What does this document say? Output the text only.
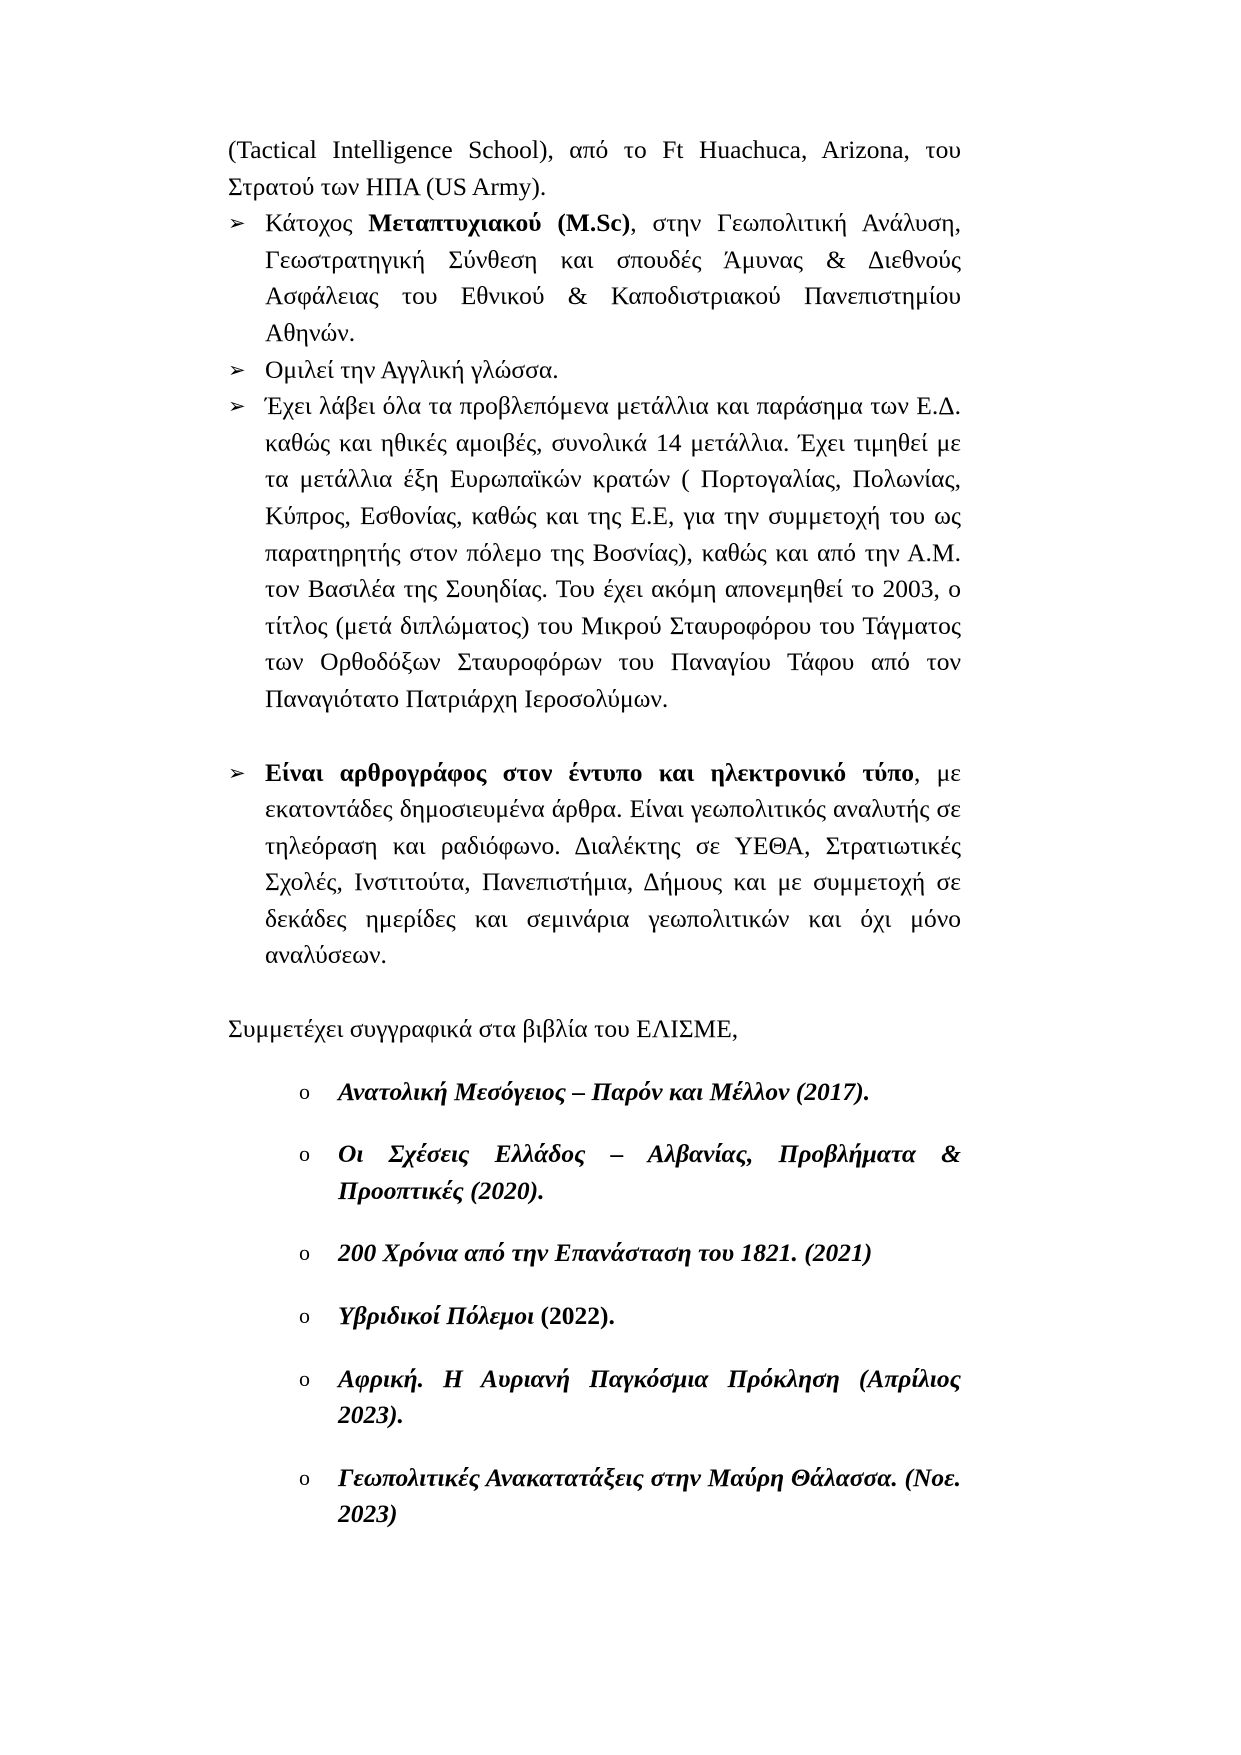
(Tactical Intelligence School), από το Ft Huachuca, Arizona, του Στρατού των ΗΠΑ (US Army).

➢ Κάτοχος Μεταπτυχιακού (M.Sc), στην Γεωπολιτική Ανάλυση, Γεωστρατηγική Σύνθεση και σπουδές Άμυνας & Διεθνούς Ασφάλειας του Εθνικού & Καποδιστριακού Πανεπιστημίου Αθηνών.
➢ Ομιλεί την Αγγλική γλώσσα.
➢ Έχει λάβει όλα τα προβλεπόμενα μετάλλια και παράσημα των Ε.Δ. καθώς και ηθικές αμοιβές, συνολικά 14 μετάλλια. Έχει τιμηθεί με τα μετάλλια έξη Ευρωπαϊκών κρατών ( Πορτογαλίας, Πολωνίας, Κύπρος, Εσθονίας, καθώς και της Ε.Ε, για την συμμετοχή του ως παρατηρητής στον πόλεμο της Βοσνίας), καθώς και από την Α.Μ. τον Βασιλέα της Σουηδίας. Του έχει ακόμη απονεμηθεί το 2003, ο τίτλος (μετά διπλώματος) του Μικρού Σταυροφόρου του Τάγματος των Ορθοδόξων Σταυροφόρων του Παναγίου Τάφου από τον Παναγιότατο Πατριάρχη Ιεροσολύμων.
➢ Είναι αρθρογράφος στον έντυπο και ηλεκτρονικό τύπο, με εκατοντάδες δημοσιευμένα άρθρα. Είναι γεωπολιτικός αναλυτής σε τηλεόραση και ραδιόφωνο. Διαλέκτης σε ΥΕΘΑ, Στρατιωτικές Σχολές, Ινστιτούτα, Πανεπιστήμια, Δήμους και με συμμετοχή σε δεκάδες ημερίδες και σεμινάρια γεωπολιτικών και όχι μόνο αναλύσεων.

Συμμετέχει συγγραφικά στα βιβλία του ΕΛΙΣΜΕ,

o Ανατολική Μεσόγειος – Παρόν και Μέλλον (2017).
o Οι Σχέσεις Ελλάδος – Αλβανίας, Προβλήματα & Προοπτικές (2020).
o 200 Χρόνια από την Επανάσταση του 1821. (2021)
o Υβριδικοί Πόλεμοι (2022).
o Αφρική. Η Αυριανή Παγκόσμια Πρόκληση (Απρίλιος 2023).
o Γεωπολιτικές Ανακατατάξεις στην Μαύρη Θάλασσα. (Νοε. 2023)
